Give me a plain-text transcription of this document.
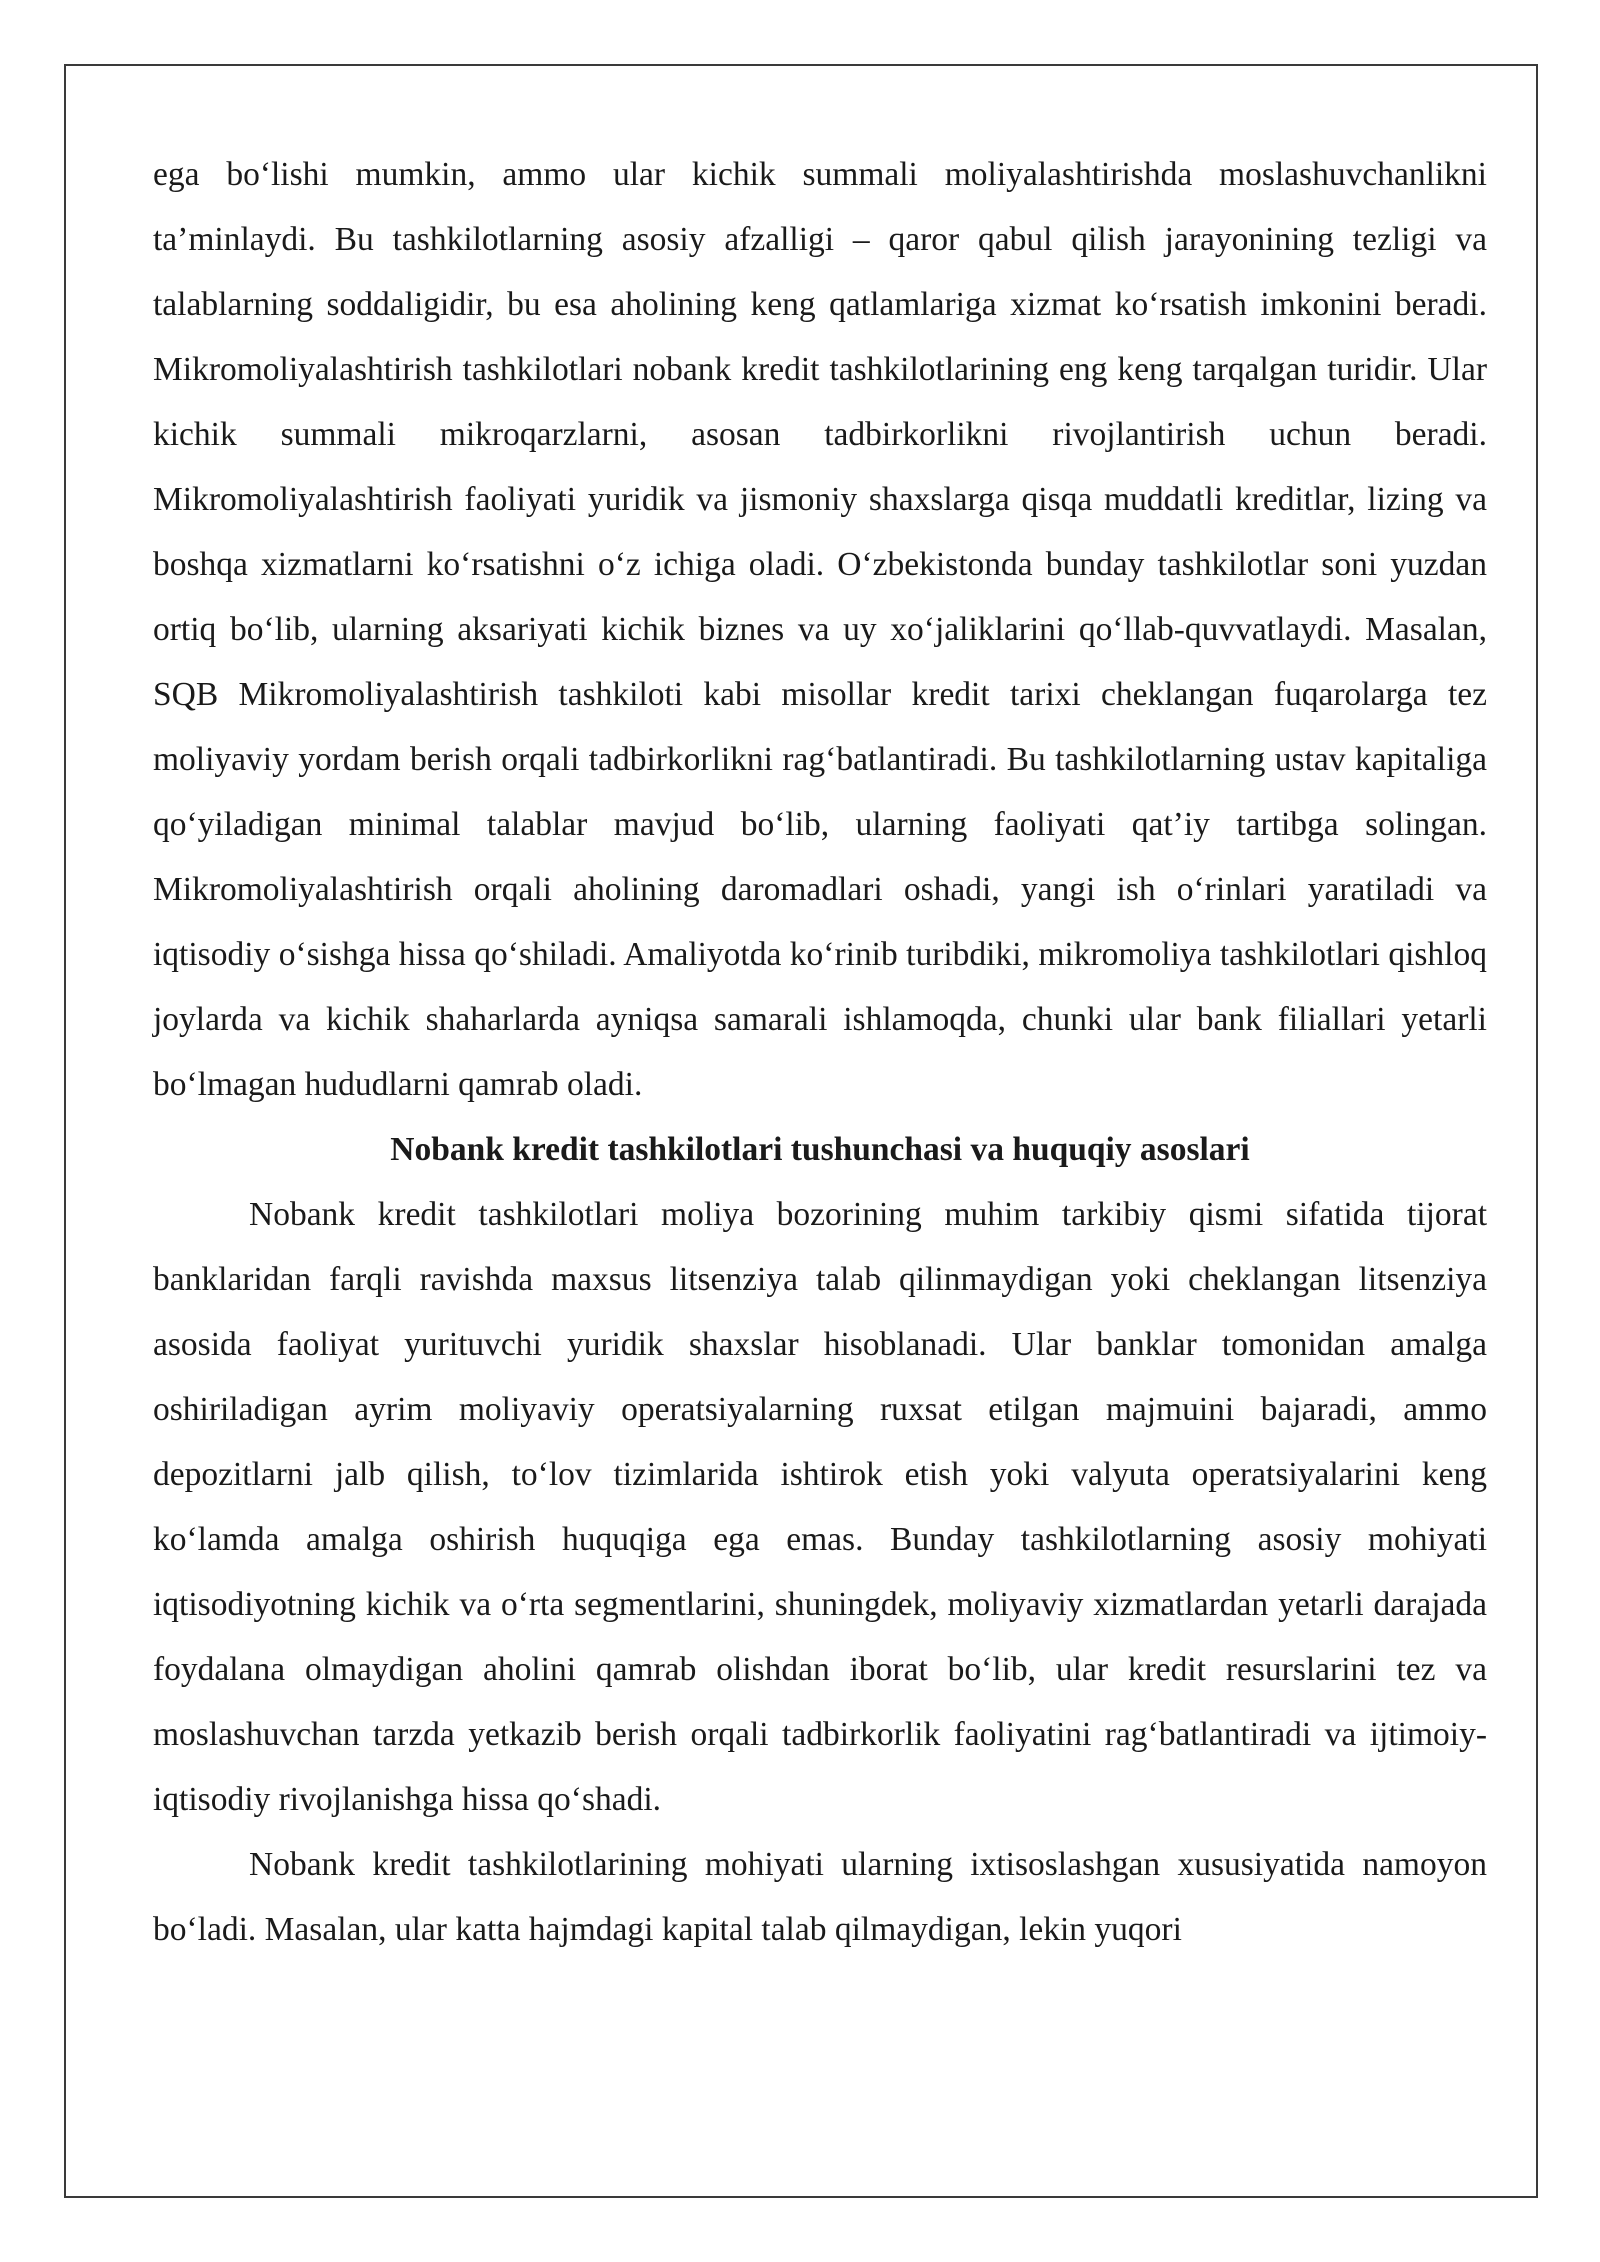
ega bo‘lishi mumkin, ammo ular kichik summali moliyalashtirishda moslashuvchanlikni ta’minlaydi. Bu tashkilotlarning asosiy afzalligi – qaror qabul qilish jarayonining tezligi va talablarning soddaligidir, bu esa aholining keng qatlamlariga xizmat ko‘rsatish imkonini beradi. Mikromoliyalashtirish tashkilotlari nobank kredit tashkilotlarining eng keng tarqalgan turidir. Ular kichik summali mikroqarzlarni, asosan tadbirkorlikni rivojlantirish uchun beradi. Mikromoliyalashtirish faoliyati yuridik va jismoniy shaxslarga qisqa muddatli kreditlar, lizing va boshqa xizmatlarni ko‘rsatishni o‘z ichiga oladi. O‘zbekistonda bunday tashkilotlar soni yuzdan ortiq bo‘lib, ularning aksariyati kichik biznes va uy xo‘jaliklarini qo‘llab-quvvatlaydi. Masalan, SQB Mikromoliyalashtirish tashkiloti kabi misollar kredit tarixi cheklangan fuqarolarga tez moliyaviy yordam berish orqali tadbirkorlikni rag‘batlantiradi. Bu tashkilotlarning ustav kapitaliga qo‘yiladigan minimal talablar mavjud bo‘lib, ularning faoliyati qat’iy tartibga solingan. Mikromoliyalashtirish orqali aholining daromadlari oshadi, yangi ish o‘rinlari yaratiladi va iqtisodiy o‘sishga hissa qo‘shiladi. Amaliyotda ko‘rinib turibdiki, mikromoliya tashkilotlari qishloq joylarda va kichik shaharlarda ayniqsa samarali ishlamoqda, chunki ular bank filiallari yetarli bo‘lmagan hududlarni qamrab oladi.

Nobank kredit tashkilotlari tushunchasi va huquqiy asoslari

Nobank kredit tashkilotlari moliya bozorining muhim tarkibiy qismi sifatida tijorat banklaridan farqli ravishda maxsus litsenziya talab qilinmaydigan yoki cheklangan litsenziya asosida faoliyat yurituvchi yuridik shaxslar hisoblanadi. Ular banklar tomonidan amalga oshiriladigan ayrim moliyaviy operatsiyalarning ruxsat etilgan majmuini bajaradi, ammo depozitlarni jalb qilish, to‘lov tizimlarida ishtirok etish yoki valyuta operatsiyalarini keng ko‘lamda amalga oshirish huquqiga ega emas. Bunday tashkilotlarning asosiy mohiyati iqtisodiyotning kichik va o‘rta segmentlarini, shuningdek, moliyaviy xizmatlardan yetarli darajada foydalana olmaydigan aholini qamrab olishdan iborat bo‘lib, ular kredit resurslarini tez va moslashuvchan tarzda yetkazib berish orqali tadbirkorlik faoliyatini rag‘batlantiradi va ijtimoiy-iqtisodiy rivojlanishga hissa qo‘shadi.

Nobank kredit tashkilotlarining mohiyati ularning ixtisoslashgan xususiyatida namoyon bo‘ladi. Masalan, ular katta hajmdagi kapital talab qilmaydigan, lekin yuqori
